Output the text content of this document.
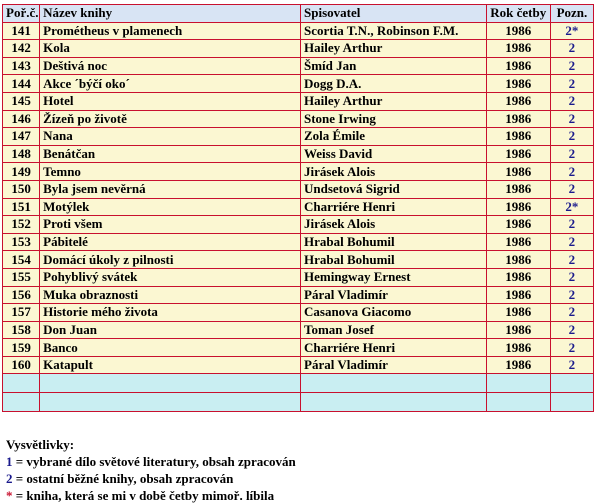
Poř.č.	Název knihy	Spisovatel	Rok četby	Pozn.
141	Prométheus v plamenech	Scortia T.N., Robinson F.M.	1986	2*
142	Kola	Hailey Arthur	1986	2
143	Deštivá noc	Šmíd Jan	1986	2
144	Akce ´býčí oko´	Dogg D.A.	1986	2
145	Hotel	Hailey Arthur	1986	2
146	Žízeň po životě	Stone Irwing	1986	2
147	Nana	Zola Émile	1986	2
148	Benátčan	Weiss David	1986	2
149	Temno	Jirásek Alois	1986	2
150	Byla jsem nevěrná	Undsetová Sigrid	1986	2
151	Motýlek	Charriére Henri	1986	2*
152	Proti všem	Jirásek Alois	1986	2
153	Pábitelé	Hrabal Bohumil	1986	2
154	Domácí úkoly z pilnosti	Hrabal Bohumil	1986	2
155	Pohyblivý svátek	Hemingway Ernest	1986	2
156	Muka obraznosti	Páral Vladimír	1986	2
157	Historie mého života	Casanova Giacomo	1986	2
158	Don Juan	Toman Josef	1986	2
159	Banco	Charriére Henri	1986	2
160	Katapult	Páral Vladimír	1986	2

Vysvětlivky:
1 = vybrané dílo světové literatury, obsah zpracován
2 = ostatní běžné knihy, obsah zpracován
* = kniha, která se mi v době četby mimoř. líbila
